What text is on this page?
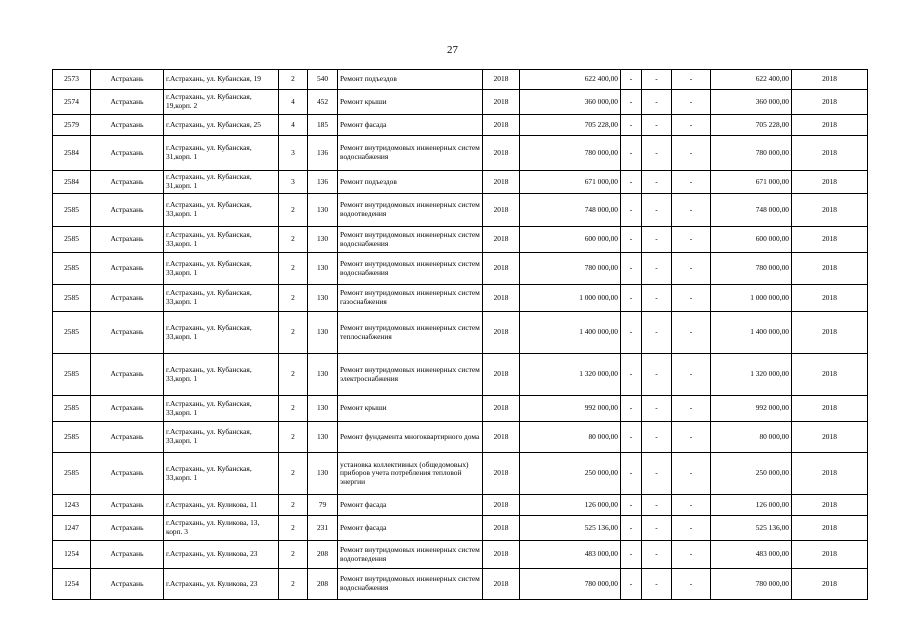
27
2573	Астрахань	г.Астрахань, ул. Кубанская, 19	2	540	Ремонт подъездов	2018	622 400,00	-	-	-	622 400,00	2018
2574	Астрахань	г.Астрахань, ул. Кубанская, 19,корп. 2	4	452	Ремонт крыши	2018	360 000,00	-	-	-	360 000,00	2018
2579	Астрахань	г.Астрахань, ул. Кубанская, 25	4	185	Ремонт фасада	2018	705 228,00	-	-	-	705 228,00	2018
2584	Астрахань	г.Астрахань, ул. Кубанская, 31,корп. 1	3	136	Ремонт внутридомовых инженерных систем водоснабжения	2018	780 000,00	-	-	-	780 000,00	2018
2584	Астрахань	г.Астрахань, ул. Кубанская, 31,корп. 1	3	136	Ремонт подъездов	2018	671 000,00	-	-	-	671 000,00	2018
2585	Астрахань	г.Астрахань, ул. Кубанская, 33,корп. 1	2	130	Ремонт внутридомовых инженерных систем водоотведения	2018	748 000,00	-	-	-	748 000,00	2018
2585	Астрахань	г.Астрахань, ул. Кубанская, 33,корп. 1	2	130	Ремонт внутридомовых инженерных систем водоснабжения	2018	600 000,00	-	-	-	600 000,00	2018
2585	Астрахань	г.Астрахань, ул. Кубанская, 33,корп. 1	2	130	Ремонт внутридомовых инженерных систем водоснабжения	2018	780 000,00	-	-	-	780 000,00	2018
2585	Астрахань	г.Астрахань, ул. Кубанская, 33,корп. 1	2	130	Ремонт внутридомовых инженерных систем газоснабжения	2018	1 000 000,00	-	-	-	1 000 000,00	2018
2585	Астрахань	г.Астрахань, ул. Кубанская, 33,корп. 1	2	130	Ремонт внутридомовых инженерных систем теплоснабжения	2018	1 400 000,00	-	-	-	1 400 000,00	2018
2585	Астрахань	г.Астрахань, ул. Кубанская, 33,корп. 1	2	130	Ремонт внутридомовых инженерных систем электроснабжения	2018	1 320 000,00	-	-	-	1 320 000,00	2018
2585	Астрахань	г.Астрахань, ул. Кубанская, 33,корп. 1	2	130	Ремонт крыши	2018	992 000,00	-	-	-	992 000,00	2018
2585	Астрахань	г.Астрахань, ул. Кубанская, 33,корп. 1	2	130	Ремонт фундамента многоквартирного дома	2018	80 000,00	-	-	-	80 000,00	2018
2585	Астрахань	г.Астрахань, ул. Кубанская, 33,корп. 1	2	130	установка коллективных (общедомовых) приборов учета потребления тепловой энергии	2018	250 000,00	-	-	-	250 000,00	2018
1243	Астрахань	г.Астрахань, ул. Куликова, 11	2	79	Ремонт фасада	2018	126 000,00	-	-	-	126 000,00	2018
1247	Астрахань	г.Астрахань, ул. Куликова, 13, корп. 3	2	231	Ремонт фасада	2018	525 136,00	-	-	-	525 136,00	2018
1254	Астрахань	г.Астрахань, ул. Куликова, 23	2	208	Ремонт внутридомовых инженерных систем водоотведения	2018	483 000,00	-	-	-	483 000,00	2018
1254	Астрахань	г.Астрахань, ул. Куликова, 23	2	208	Ремонт внутридомовых инженерных систем водоснабжения	2018	780 000,00	-	-	-	780 000,00	2018
